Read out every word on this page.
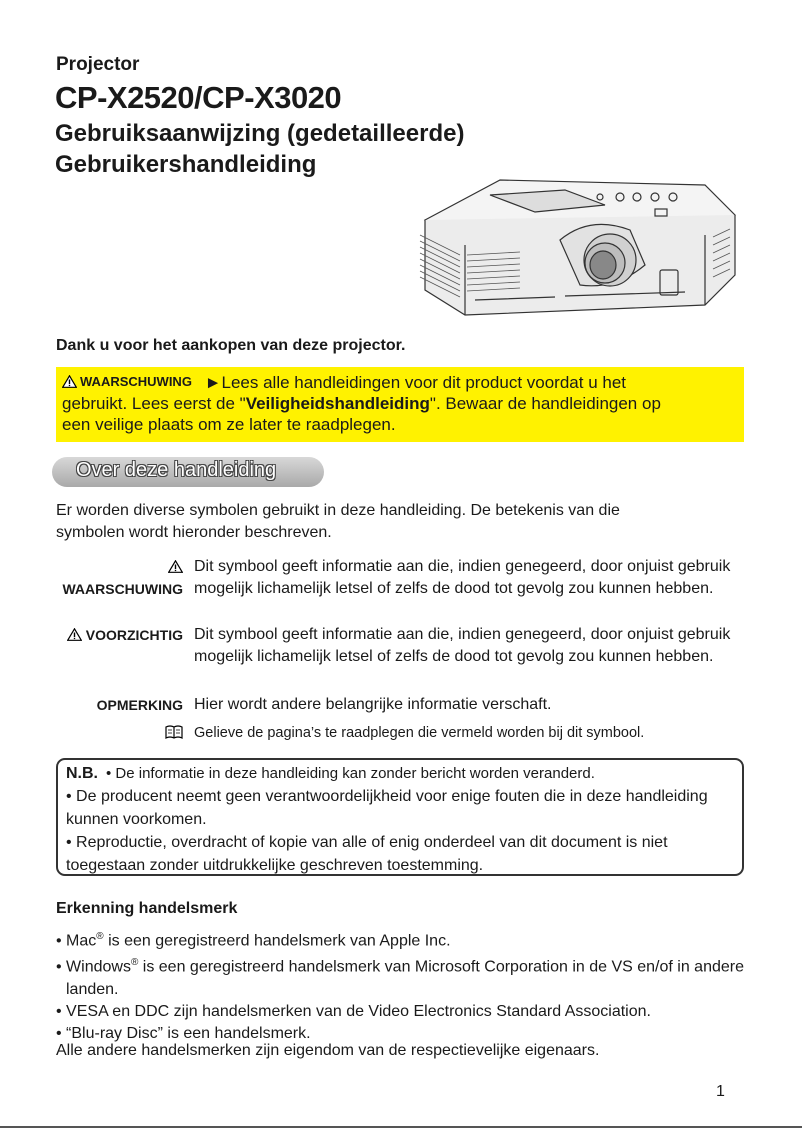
Projector
CP-X2520/CP-X3020
Gebruiksaanwijzing (gedetailleerde)
Gebruikershandleiding
Dank u voor het aankopen van deze projector.
WAARSCHUWING ►Lees alle handleidingen voor dit product voordat u het
gebruikt. Lees eerst de "Veiligheidshandleiding". Bewaar de handleidingen op
een veilige plaats om ze later te raadplegen.
Over deze handleiding
Er worden diverse symbolen gebruikt in deze handleiding. De betekenis van die
symbolen wordt hieronder beschreven.
WAARSCHUWING
Dit symbool geeft informatie aan die, indien genegeerd, door onjuist gebruik mogelijk lichamelijk letsel of zelfs de dood tot gevolg zou kunnen hebben.
VOORZICHTIG Dit symbool geeft informatie aan die, indien genegeerd, door onjuist gebruik mogelijk lichamelijk letsel of zelfs de dood tot gevolg zou kunnen hebben.
OPMERKING Hier wordt andere belangrijke informatie verschaft.
Gelieve de pagina’s te raadplegen die vermeld worden bij dit symbool.
N.B. • De informatie in deze handleiding kan zonder bericht worden veranderd.
• De producent neemt geen verantwoordelijkheid voor enige fouten die in deze handleiding kunnen voorkomen.
• Reproductie, overdracht of kopie van alle of enig onderdeel van dit document is niet toegestaan zonder uitdrukkelijke geschreven toestemming.
Erkenning handelsmerk
• Mac® is een geregistreerd handelsmerk van Apple Inc.
• Windows® is een geregistreerd handelsmerk van Microsoft Corporation in de VS en/of in andere landen.
• VESA en DDC zijn handelsmerken van de Video Electronics Standard Association.
• “Blu-ray Disc” is een handelsmerk.
Alle andere handelsmerken zijn eigendom van de respectievelijke eigenaars.
1
